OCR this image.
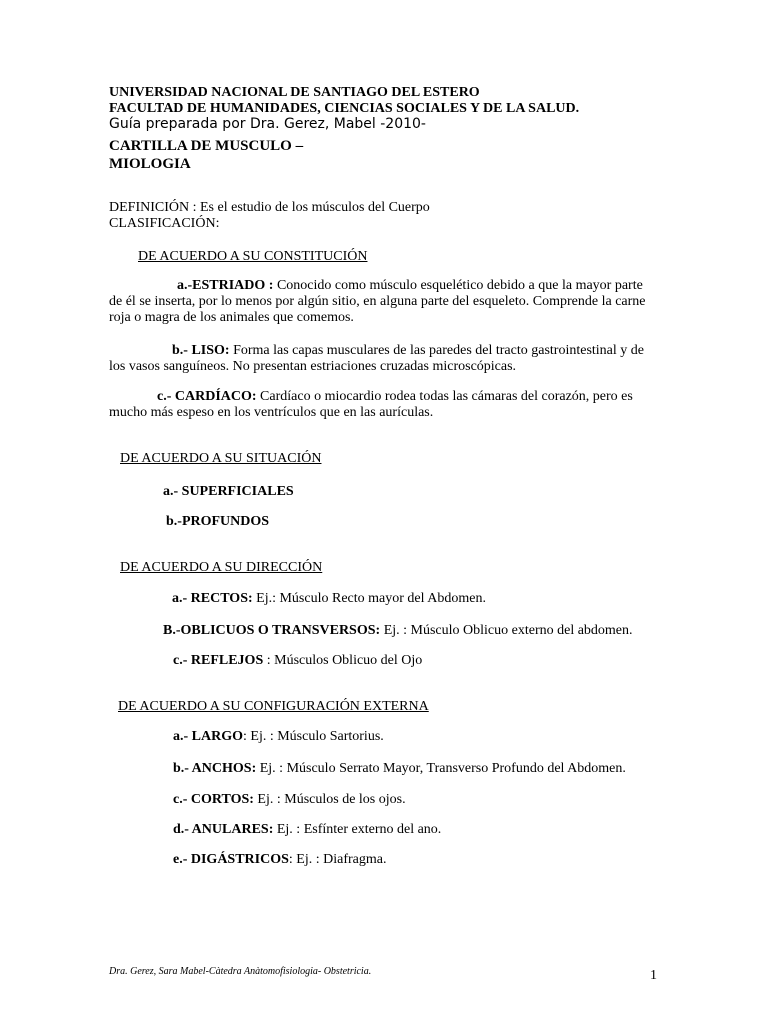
UNIVERSIDAD NACIONAL DE SANTIAGO DEL ESTERO
FACULTAD DE HUMANIDADES, CIENCIAS SOCIALES Y DE LA SALUD.
Guía preparada por Dra. Gerez, Mabel -2010-
CARTILLA DE MUSCULO –
MIOLOGIA
DEFINICIÓN : Es el estudio de los músculos del Cuerpo
CLASIFICACIÓN:
DE ACUERDO A SU CONSTITUCIÓN
a.-ESTRIADO : Conocido como músculo esquelético debido a que la mayor parte de él se inserta, por lo menos por algún sitio, en alguna parte del esqueleto. Comprende la carne roja o magra de los animales que comemos.
b.- LISO: Forma las capas musculares de las paredes del tracto gastrointestinal y de los vasos sanguíneos. No presentan estriaciones cruzadas microscópicas.
c.- CARDÍACO: Cardíaco o miocardio rodea todas las cámaras del corazón, pero es mucho más espeso en los ventrículos que en las aurículas.
DE ACUERDO A SU SITUACIÓN
a.- SUPERFICIALES
b.-PROFUNDOS
DE ACUERDO A SU DIRECCIÓN
a.- RECTOS: Ej.: Músculo Recto mayor del Abdomen.
B.-OBLICUOS O TRANSVERSOS: Ej. : Músculo Oblicuo externo del abdomen.
c.- REFLEJOS : Músculos Oblicuo del Ojo
DE ACUERDO A SU CONFIGURACIÓN EXTERNA
a.- LARGO: Ej. : Músculo Sartorius.
b.- ANCHOS: Ej. : Músculo Serrato Mayor, Transverso Profundo del Abdomen.
c.- CORTOS: Ej. : Músculos de los ojos.
d.- ANULARES: Ej. : Esfínter externo del ano.
e.- DIGÁSTRICOS: Ej. : Diafragma.
Dra. Gerez, Sara Mabel-Càtedra Anàtomofisiologia- Obstetricia.	1
